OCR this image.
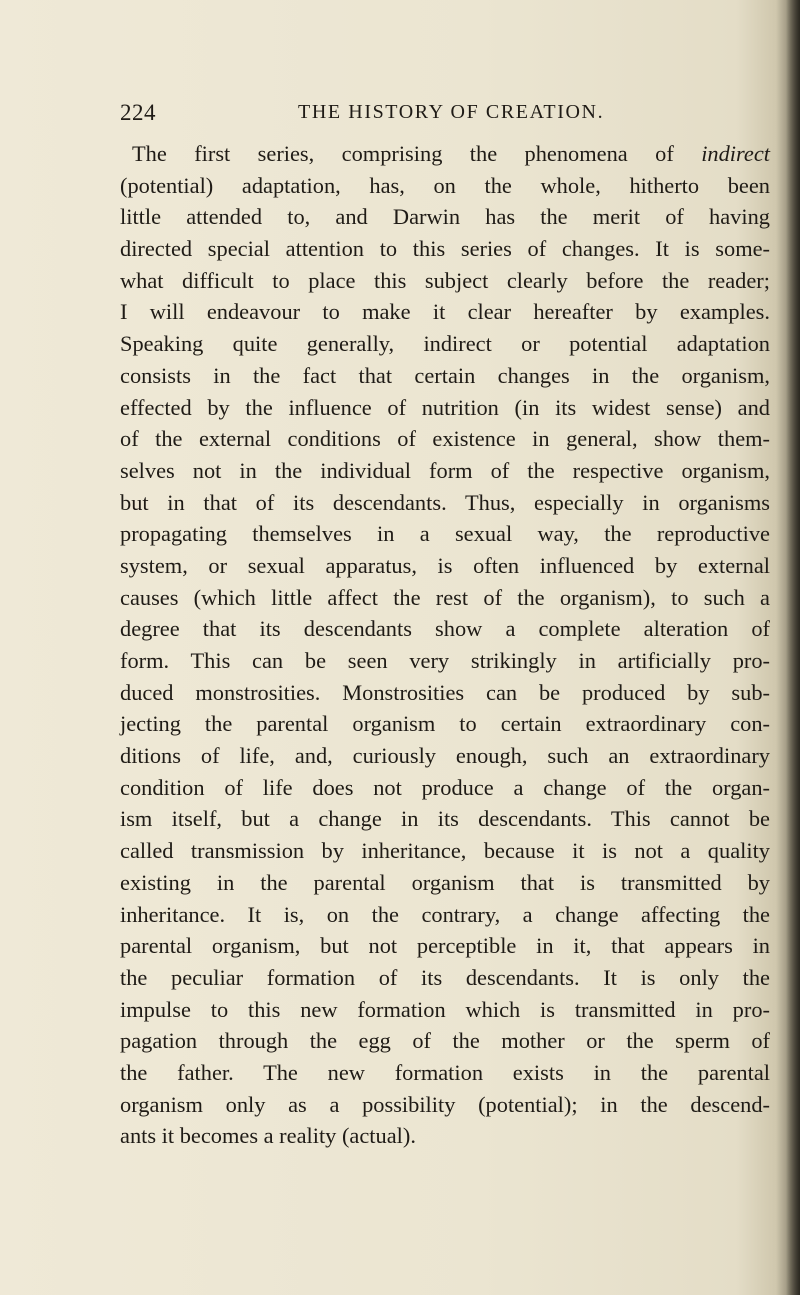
224	THE HISTORY OF CREATION.
The first series, comprising the phenomena of indirect
(potential) adaptation, has, on the whole, hitherto been
little attended to, and Darwin has the merit of having
directed special attention to this series of changes. It is some-
what difficult to place this subject clearly before the reader;
I will endeavour to make it clear hereafter by examples.
Speaking quite generally, indirect or potential adaptation
consists in the fact that certain changes in the organism,
effected by the influence of nutrition (in its widest sense) and
of the external conditions of existence in general, show them-
selves not in the individual form of the respective organism,
but in that of its descendants. Thus, especially in organisms
propagating themselves in a sexual way, the reproductive
system, or sexual apparatus, is often influenced by external
causes (which little affect the rest of the organism), to such a
degree that its descendants show a complete alteration of
form. This can be seen very strikingly in artificially pro-
duced monstrosities. Monstrosities can be produced by sub-
jecting the parental organism to certain extraordinary con-
ditions of life, and, curiously enough, such an extraordinary
condition of life does not produce a change of the organ-
ism itself, but a change in its descendants. This cannot be
called transmission by inheritance, because it is not a quality
existing in the parental organism that is transmitted by
inheritance. It is, on the contrary, a change affecting the
parental organism, but not perceptible in it, that appears in
the peculiar formation of its descendants. It is only the
impulse to this new formation which is transmitted in pro-
pagation through the egg of the mother or the sperm of
the father. The new formation exists in the parental
organism only as a possibility (potential); in the descend-
ants it becomes a reality (actual).
